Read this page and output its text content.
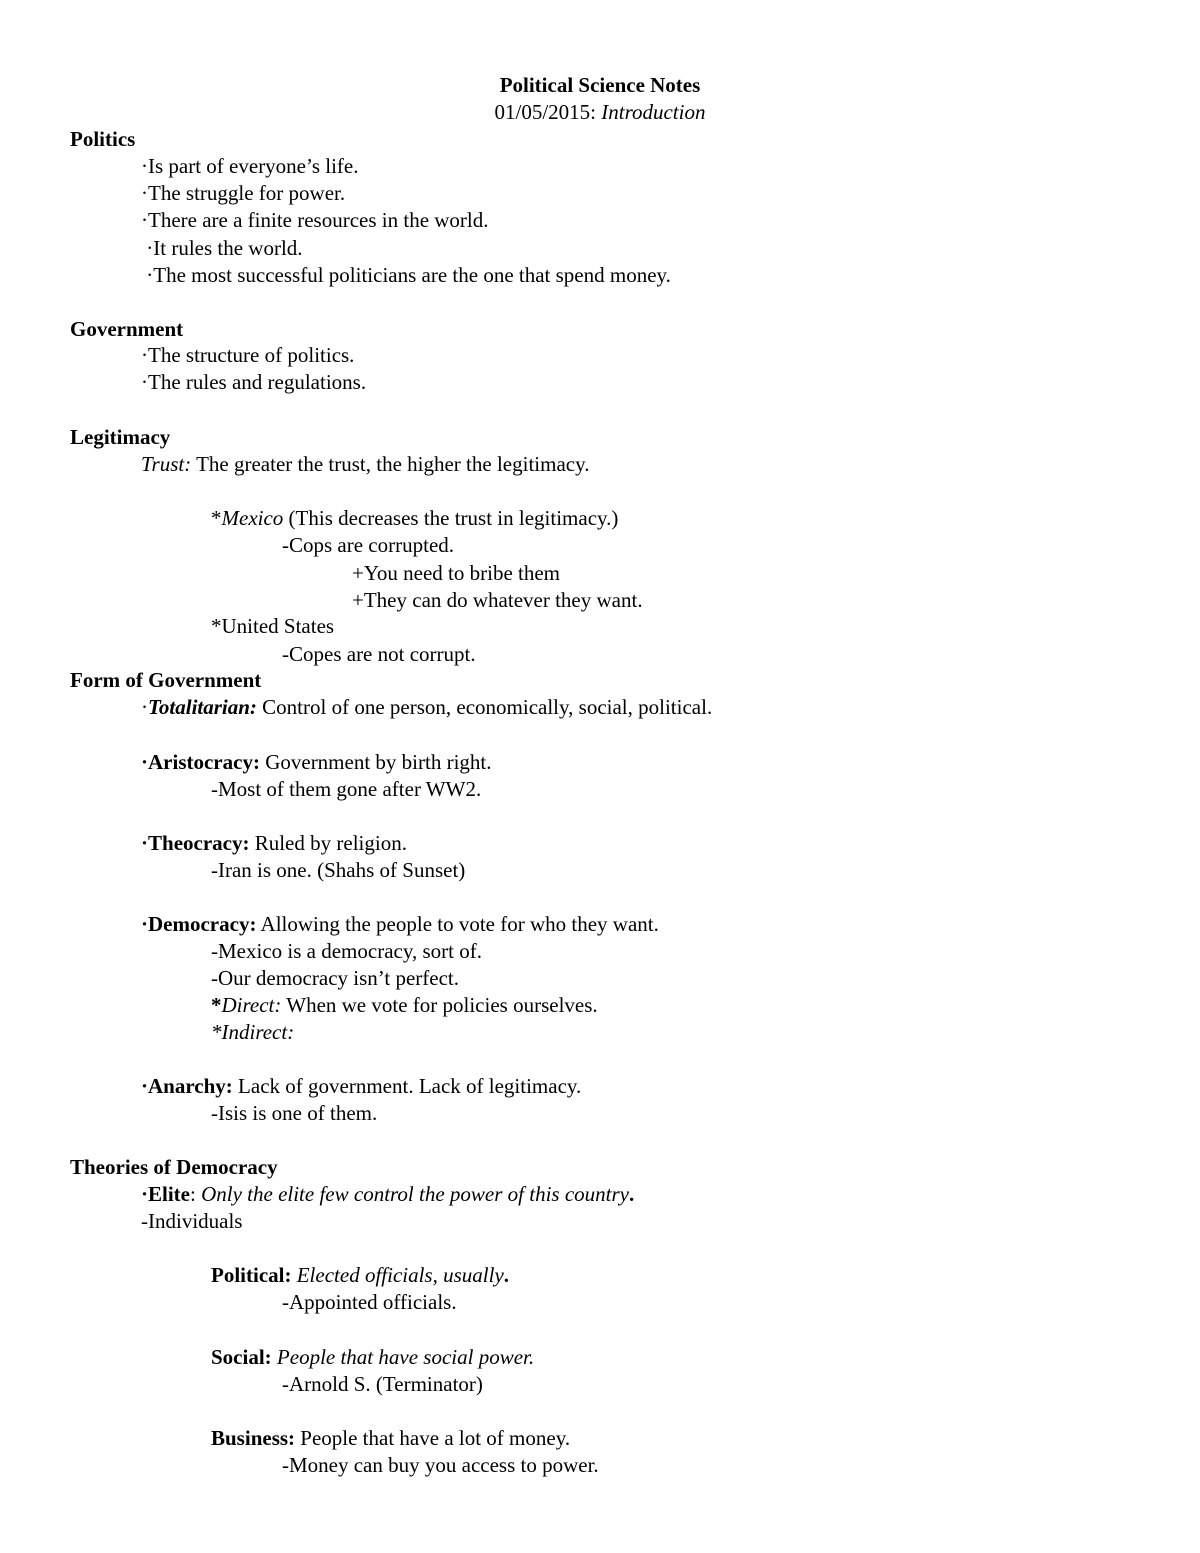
Political Science Notes
01/05/2015: Introduction
Politics
·Is part of everyone’s life.
·The struggle for power.
·There are a finite resources in the world.
·It rules the world.
·The most successful politicians are the one that spend money.
Government
·The structure of politics.
·The rules and regulations.
Legitimacy
Trust: The greater the trust, the higher the legitimacy.
*Mexico (This decreases the trust in legitimacy.)
-Cops are corrupted.
+You need to bribe them
+They can do whatever they want.
*United States
-Copes are not corrupt.
Form of Government
·Totalitarian: Control of one person, economically, social, political.
·Aristocracy: Government by birth right.
-Most of them gone after WW2.
·Theocracy: Ruled by religion.
-Iran is one. (Shahs of Sunset)
·Democracy: Allowing the people to vote for who they want.
-Mexico is a democracy, sort of.
-Our democracy isn’t perfect.
*Direct: When we vote for policies ourselves.
*Indirect:
·Anarchy: Lack of government. Lack of legitimacy.
-Isis is one of them.
Theories of Democracy
·Elite: Only the elite few control the power of this country.
-Individuals
Political: Elected officials, usually.
-Appointed officials.
Social: People that have social power.
-Arnold S. (Terminator)
Business: People that have a lot of money.
-Money can buy you access to power.
